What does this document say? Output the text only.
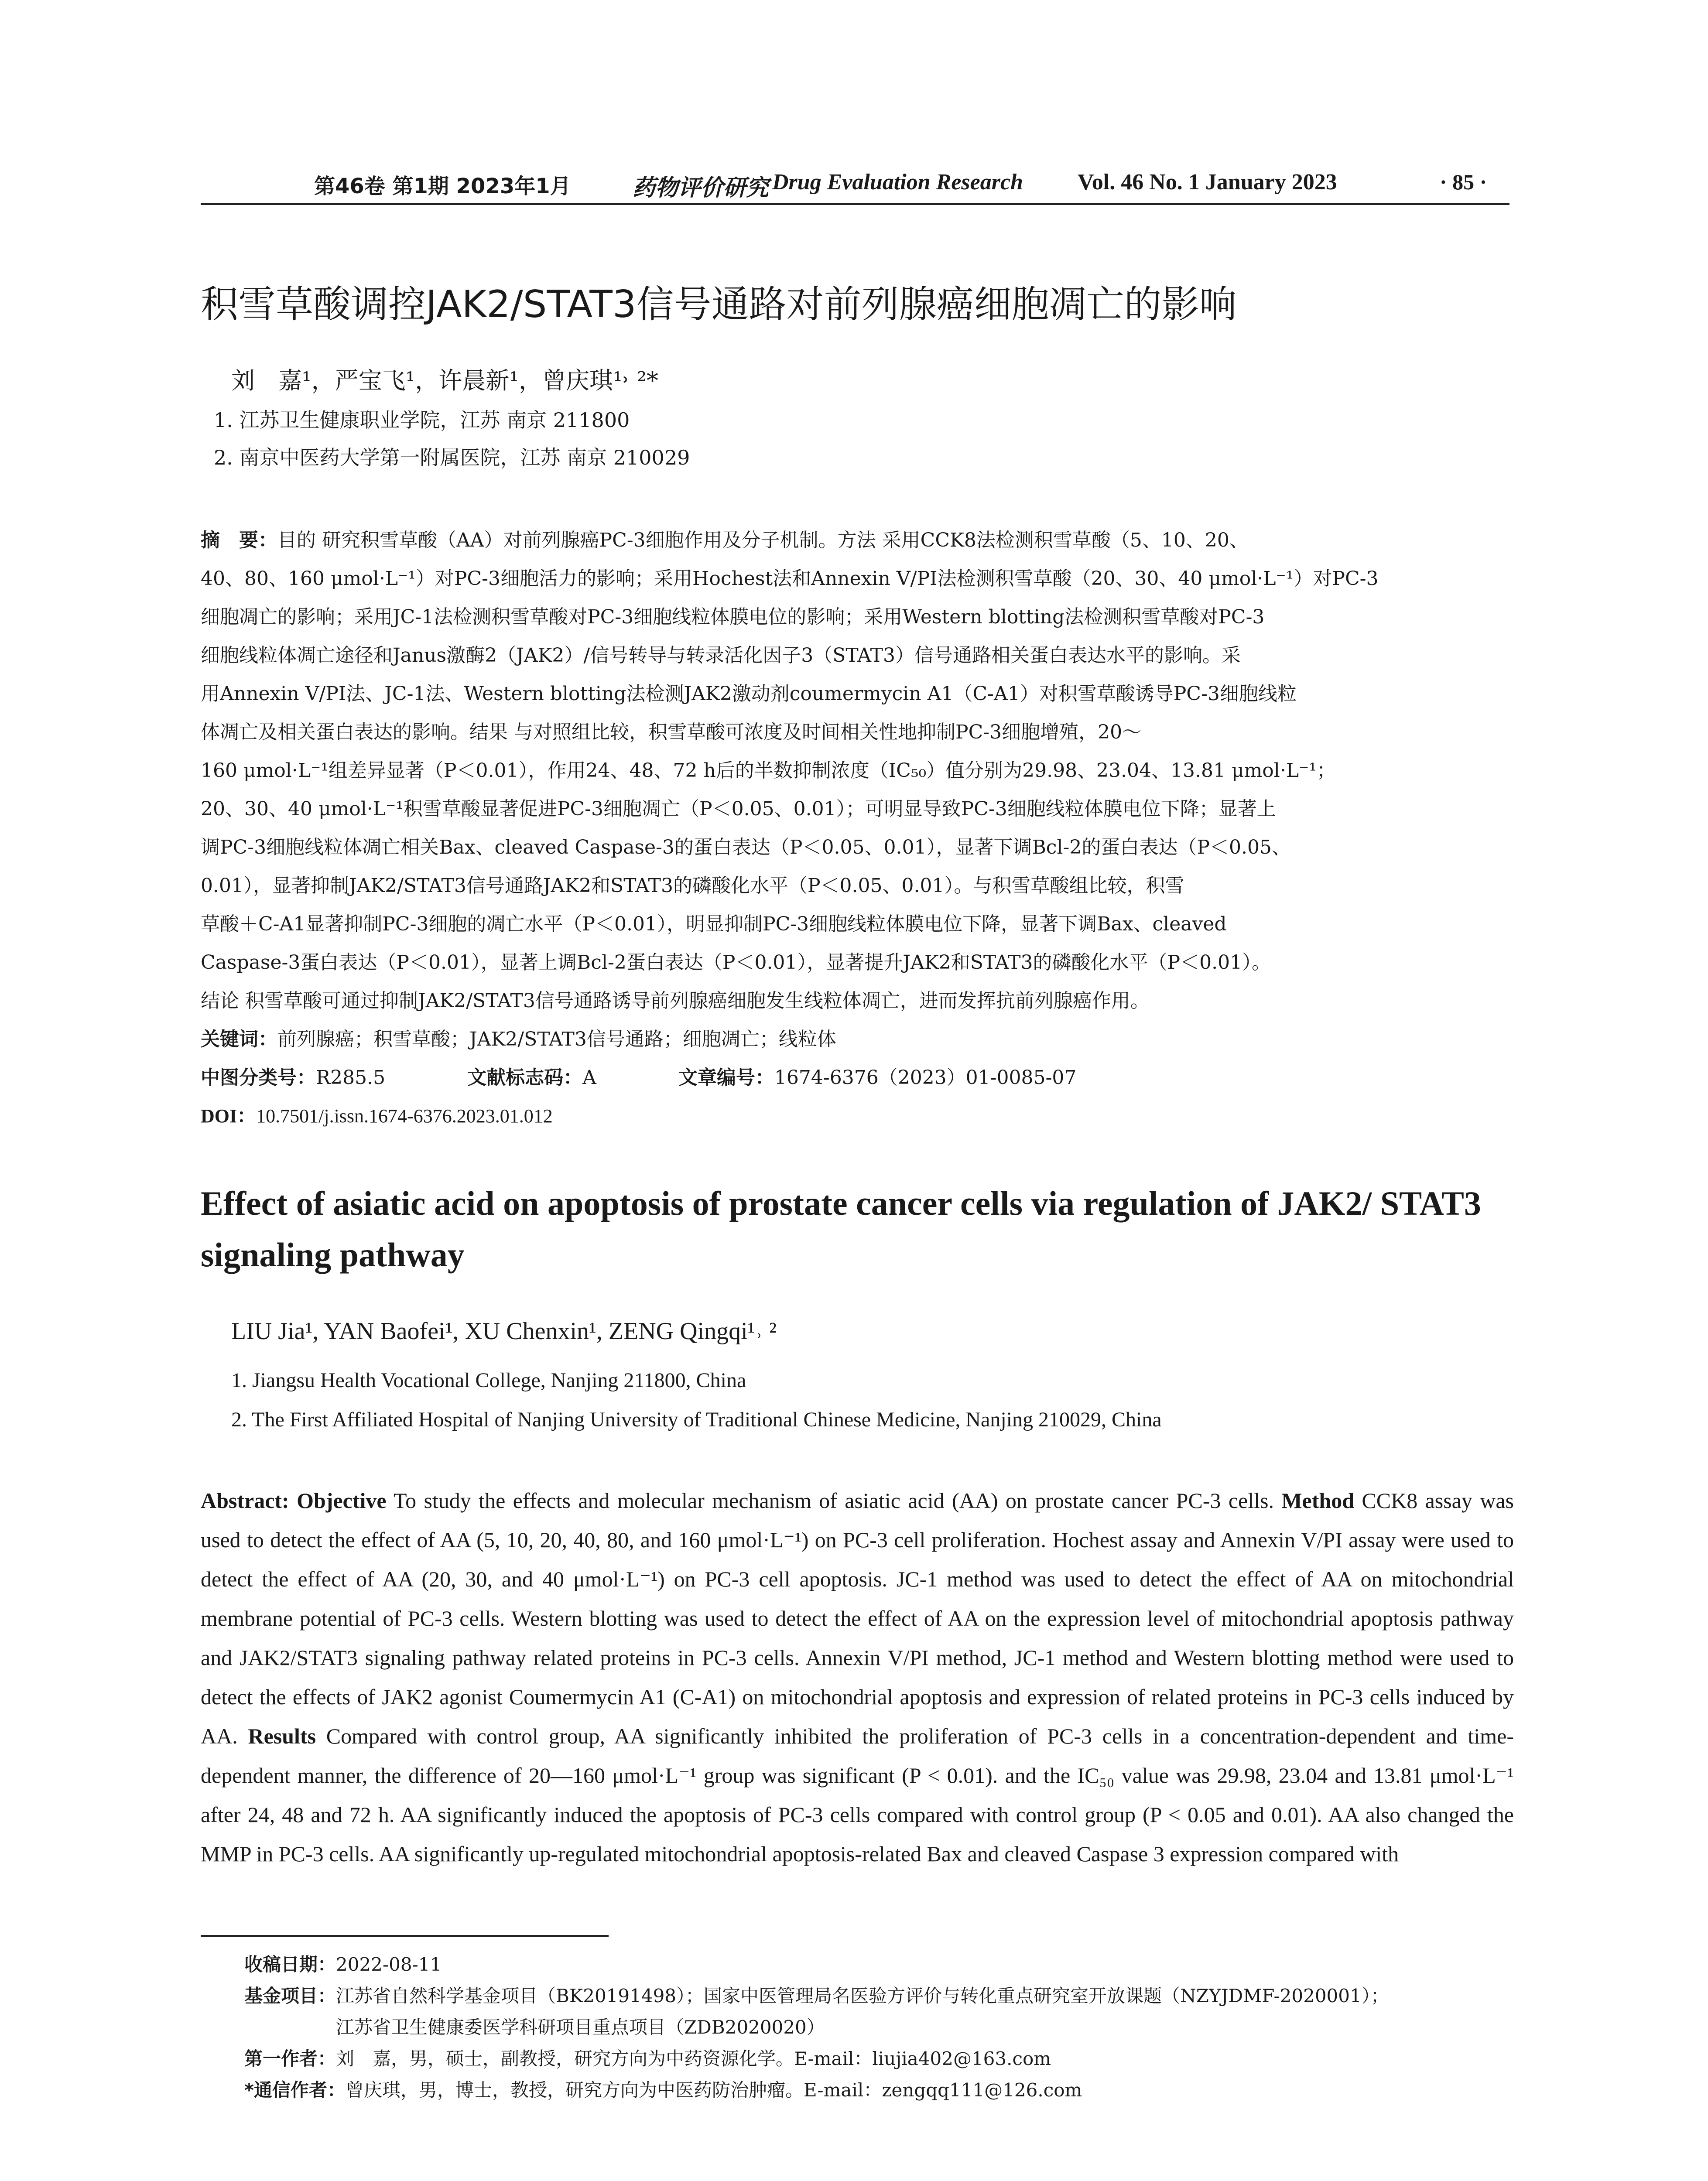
第46卷 第1期 2023年1月	药物评价研究 Drug Evaluation Research Vol. 46 No. 1 January 2023	· 85 ·
积雪草酸调控JAK2/STAT3信号通路对前列腺癌细胞凋亡的影响
刘　嘉¹，严宝飞¹，许晨新¹，曾庆琪¹˒ ²*
1. 江苏卫生健康职业学院，江苏 南京 211800
2. 南京中医药大学第一附属医院，江苏 南京 210029
摘　要：目的 研究积雪草酸（AA）对前列腺癌PC-3细胞作用及分子机制。方法 采用CCK8法检测积雪草酸（5、10、20、
40、80、160 μmol·L⁻¹）对PC-3细胞活力的影响；采用Hochest法和Annexin V/PI法检测积雪草酸（20、30、40 μmol·L⁻¹）对PC-3
细胞凋亡的影响；采用JC-1法检测积雪草酸对PC-3细胞线粒体膜电位的影响；采用Western blotting法检测积雪草酸对PC-3
细胞线粒体凋亡途径和Janus激酶2（JAK2）/信号转导与转录活化因子3（STAT3）信号通路相关蛋白表达水平的影响。采
用Annexin V/PI法、JC-1法、Western blotting法检测JAK2激动剂coumermycin A1（C-A1）对积雪草酸诱导PC-3细胞线粒
体凋亡及相关蛋白表达的影响。结果 与对照组比较，积雪草酸可浓度及时间相关性地抑制PC-3细胞增殖，20～
160 μmol·L⁻¹组差异显著（P＜0.01），作用24、48、72 h后的半数抑制浓度（IC₅₀）值分别为29.98、23.04、13.81 μmol·L⁻¹；
20、30、40 μmol·L⁻¹积雪草酸显著促进PC-3细胞凋亡（P＜0.05、0.01）；可明显导致PC-3细胞线粒体膜电位下降；显著上
调PC-3细胞线粒体凋亡相关Bax、cleaved Caspase-3的蛋白表达（P＜0.05、0.01），显著下调Bcl-2的蛋白表达（P＜0.05、
0.01），显著抑制JAK2/STAT3信号通路JAK2和STAT3的磷酸化水平（P＜0.05、0.01）。与积雪草酸组比较，积雪
草酸＋C-A1显著抑制PC-3细胞的凋亡水平（P＜0.01），明显抑制PC-3细胞线粒体膜电位下降，显著下调Bax、cleaved
Caspase-3蛋白表达（P＜0.01），显著上调Bcl-2蛋白表达（P＜0.01），显著提升JAK2和STAT3的磷酸化水平（P＜0.01）。
结论 积雪草酸可通过抑制JAK2/STAT3信号通路诱导前列腺癌细胞发生线粒体凋亡，进而发挥抗前列腺癌作用。
关键词：前列腺癌；积雪草酸；JAK2/STAT3信号通路；细胞凋亡；线粒体
中图分类号：R285.5	文献标志码：A	文章编号：1674-6376（2023）01-0085-07
DOI：10.7501/j.issn.1674-6376.2023.01.012
Effect of asiatic acid on apoptosis of prostate cancer cells via regulation of JAK2/ STAT3 signaling pathway
LIU Jia¹, YAN Baofei¹, XU Chenxin¹, ZENG Qingqi¹˒ ²
1. Jiangsu Health Vocational College, Nanjing 211800, China
2. The First Affiliated Hospital of Nanjing University of Traditional Chinese Medicine, Nanjing 210029, China
Abstract: Objective To study the effects and molecular mechanism of asiatic acid (AA) on prostate cancer PC-3 cells. Method CCK8 assay was used to detect the effect of AA (5, 10, 20, 40, 80, and 160 μmol·L⁻¹) on PC-3 cell proliferation. Hochest assay and Annexin V/PI assay were used to detect the effect of AA (20, 30, and 40 μmol·L⁻¹) on PC-3 cell apoptosis. JC-1 method was used to detect the effect of AA on mitochondrial membrane potential of PC-3 cells. Western blotting was used to detect the effect of AA on the expression level of mitochondrial apoptosis pathway and JAK2/STAT3 signaling pathway related proteins in PC-3 cells. Annexin V/PI method, JC-1 method and Western blotting method were used to detect the effects of JAK2 agonist Coumermycin A1 (C-A1) on mitochondrial apoptosis and expression of related proteins in PC-3 cells induced by AA. Results Compared with control group, AA significantly inhibited the proliferation of PC-3 cells in a concentration-dependent and time-dependent manner, the difference of 20—160 μmol·L⁻¹ group was significant (P < 0.01). and the IC₅₀ value was 29.98, 23.04 and 13.81 μmol·L⁻¹ after 24, 48 and 72 h. AA significantly induced the apoptosis of PC-3 cells compared with control group (P < 0.05 and 0.01). AA also changed the MMP in PC-3 cells. AA significantly up-regulated mitochondrial apoptosis-related Bax and cleaved Caspase 3 expression compared with
收稿日期：2022-08-11
基金项目：江苏省自然科学基金项目（BK20191498）；国家中医管理局名医验方评价与转化重点研究室开放课题（NZYJDMF-2020001）；
江苏省卫生健康委医学科研项目重点项目（ZDB2020020）
第一作者：刘　嘉，男，硕士，副教授，研究方向为中药资源化学。E-mail：liujia402@163.com
*通信作者：曾庆琪，男，博士，教授，研究方向为中医药防治肿瘤。E-mail：zengqq111@126.com
